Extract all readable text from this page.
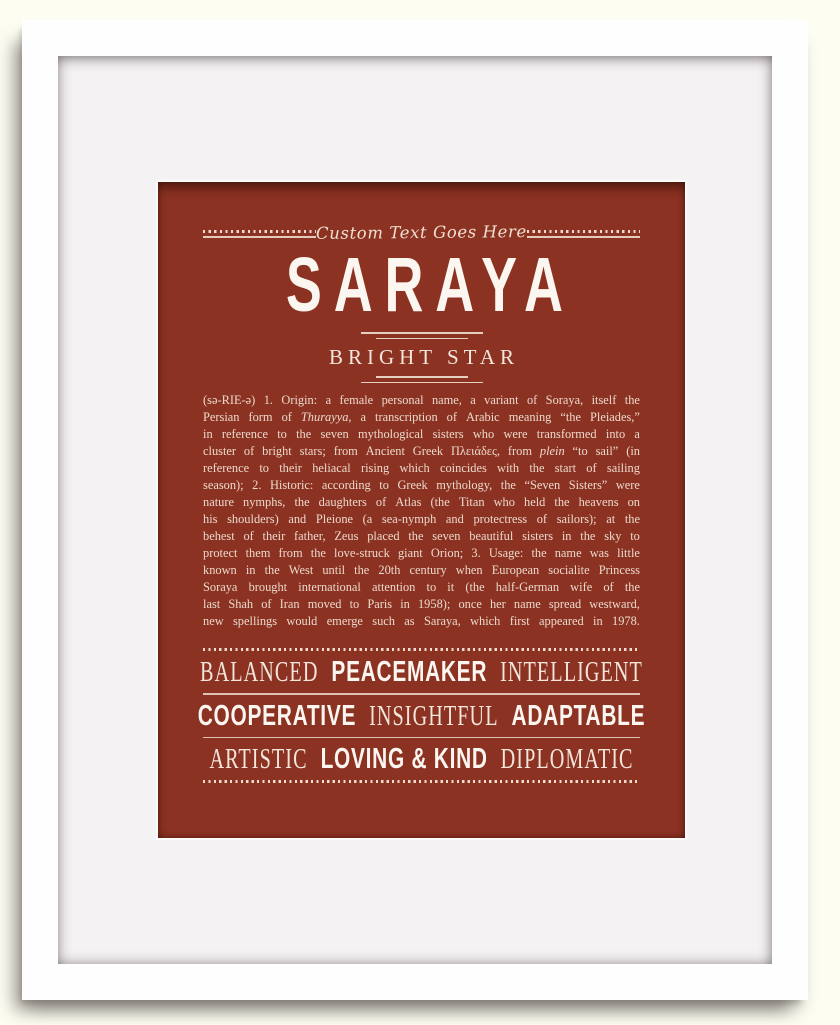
Custom Text Goes Here
SARAYA
BRIGHT STAR
(sə-RIE-ə) 1. Origin: a female personal name, a variant of Soraya, itself the
Persian form of Thurayya, a transcription of Arabic meaning “the Pleiades,”
in reference to the seven mythological sisters who were transformed into a
cluster of bright stars; from Ancient Greek Πλειάδες, from plein “to sail” (in
reference to their heliacal rising which coincides with the start of sailing
season); 2. Historic: according to Greek mythology, the “Seven Sisters” were
nature nymphs, the daughters of Atlas (the Titan who held the heavens on
his shoulders) and Pleione (a sea-nymph and protectress of sailors); at the
behest of their father, Zeus placed the seven beautiful sisters in the sky to
protect them from the love-struck giant Orion; 3. Usage: the name was little
known in the West until the 20th century when European socialite Princess
Soraya brought international attention to it (the half-German wife of the
last Shah of Iran moved to Paris in 1958); once her name spread westward,
new spellings would emerge such as Saraya, which first appeared in 1978.
BALANCED PEACEMAKER INTELLIGENT
COOPERATIVE INSIGHTFUL ADAPTABLE
ARTISTIC LOVING & KIND DIPLOMATIC
